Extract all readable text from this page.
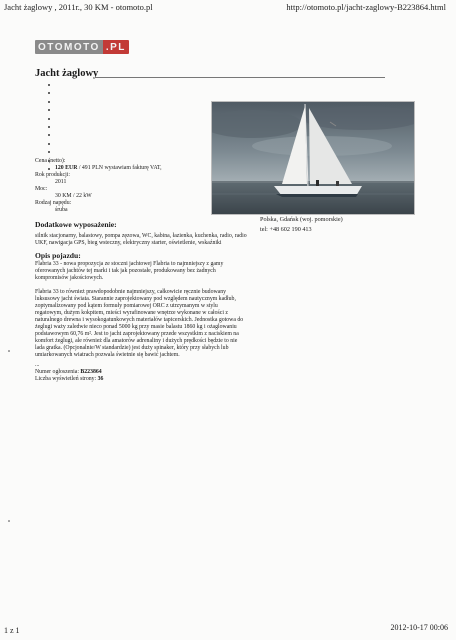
Jacht żaglowy , 2011r., 30 KM - otomoto.pl	http://otomoto.pl/jacht-zaglowy-B223864.html
OTOMOTO .PL
Jacht żaglowy
Cena (netto):
120 EUR / 491 PLN wystawiam fakturę VAT,
Rok produkcji:
2011
Moc:
30 KM / 22 kW
Rodzaj napędu:
śruba
Polska, Gdańsk (woj. pomorskie)
tel: +48 602 190 413
Dodatkowe wyposażenie:
silnik stacjonarny, balastowy, pompa zęzowa, WC, kabina, łazienka, kuchenka, radio, radio UKF, nawigacja GPS, bieg wsteczny, elektryczny starter, oświetlenie, wskaźniki
Opis pojazdu:
Flabria 33 - nowa propozycja ze stoczni jachtowej Flabria to najmniejszy z gamy oferowanych jachtów tej marki i tak jak pozostałe, produkowany bez żadnych kompromisów jakościowych.
Flabria 33 to również prawdopodobnie najmniejszy, całkowicie ręcznie budowany luksusowy jacht świata. Starannie zaprojektowany pod względem nautycznym kadłub, zoptymalizowany pod kątem formuły pomiarowej ORC z utrzymanym w stylu regatowym, dużym kokpitem, mieści wyrafinowane wnętrze wykonane w całości z naturalnego drewna i wysokogatunkowych materiałów tapicerskich. Jednostka gotowa do żeglugi waży zaledwie nieco ponad 5000 kg przy masie balastu 1860 kg i ożaglowaniu podstawowym 60,76 m². Jest to jacht zaprojektowany przede wszystkim z naciskiem na komfort żeglugi, ale również dla amatorów adrenaliny i dużych prędkości będzie to nie lada gratka. (Opcjonalnie/W standardzie) jest duży spinaker, który przy słabych lub umiarkowanych wiatrach pozwala świetnie się bawić jachtem.
...
Numer ogłoszenia: B223864
Liczba wyświetleń strony: 36
1 z 1	2012-10-17 00:06
